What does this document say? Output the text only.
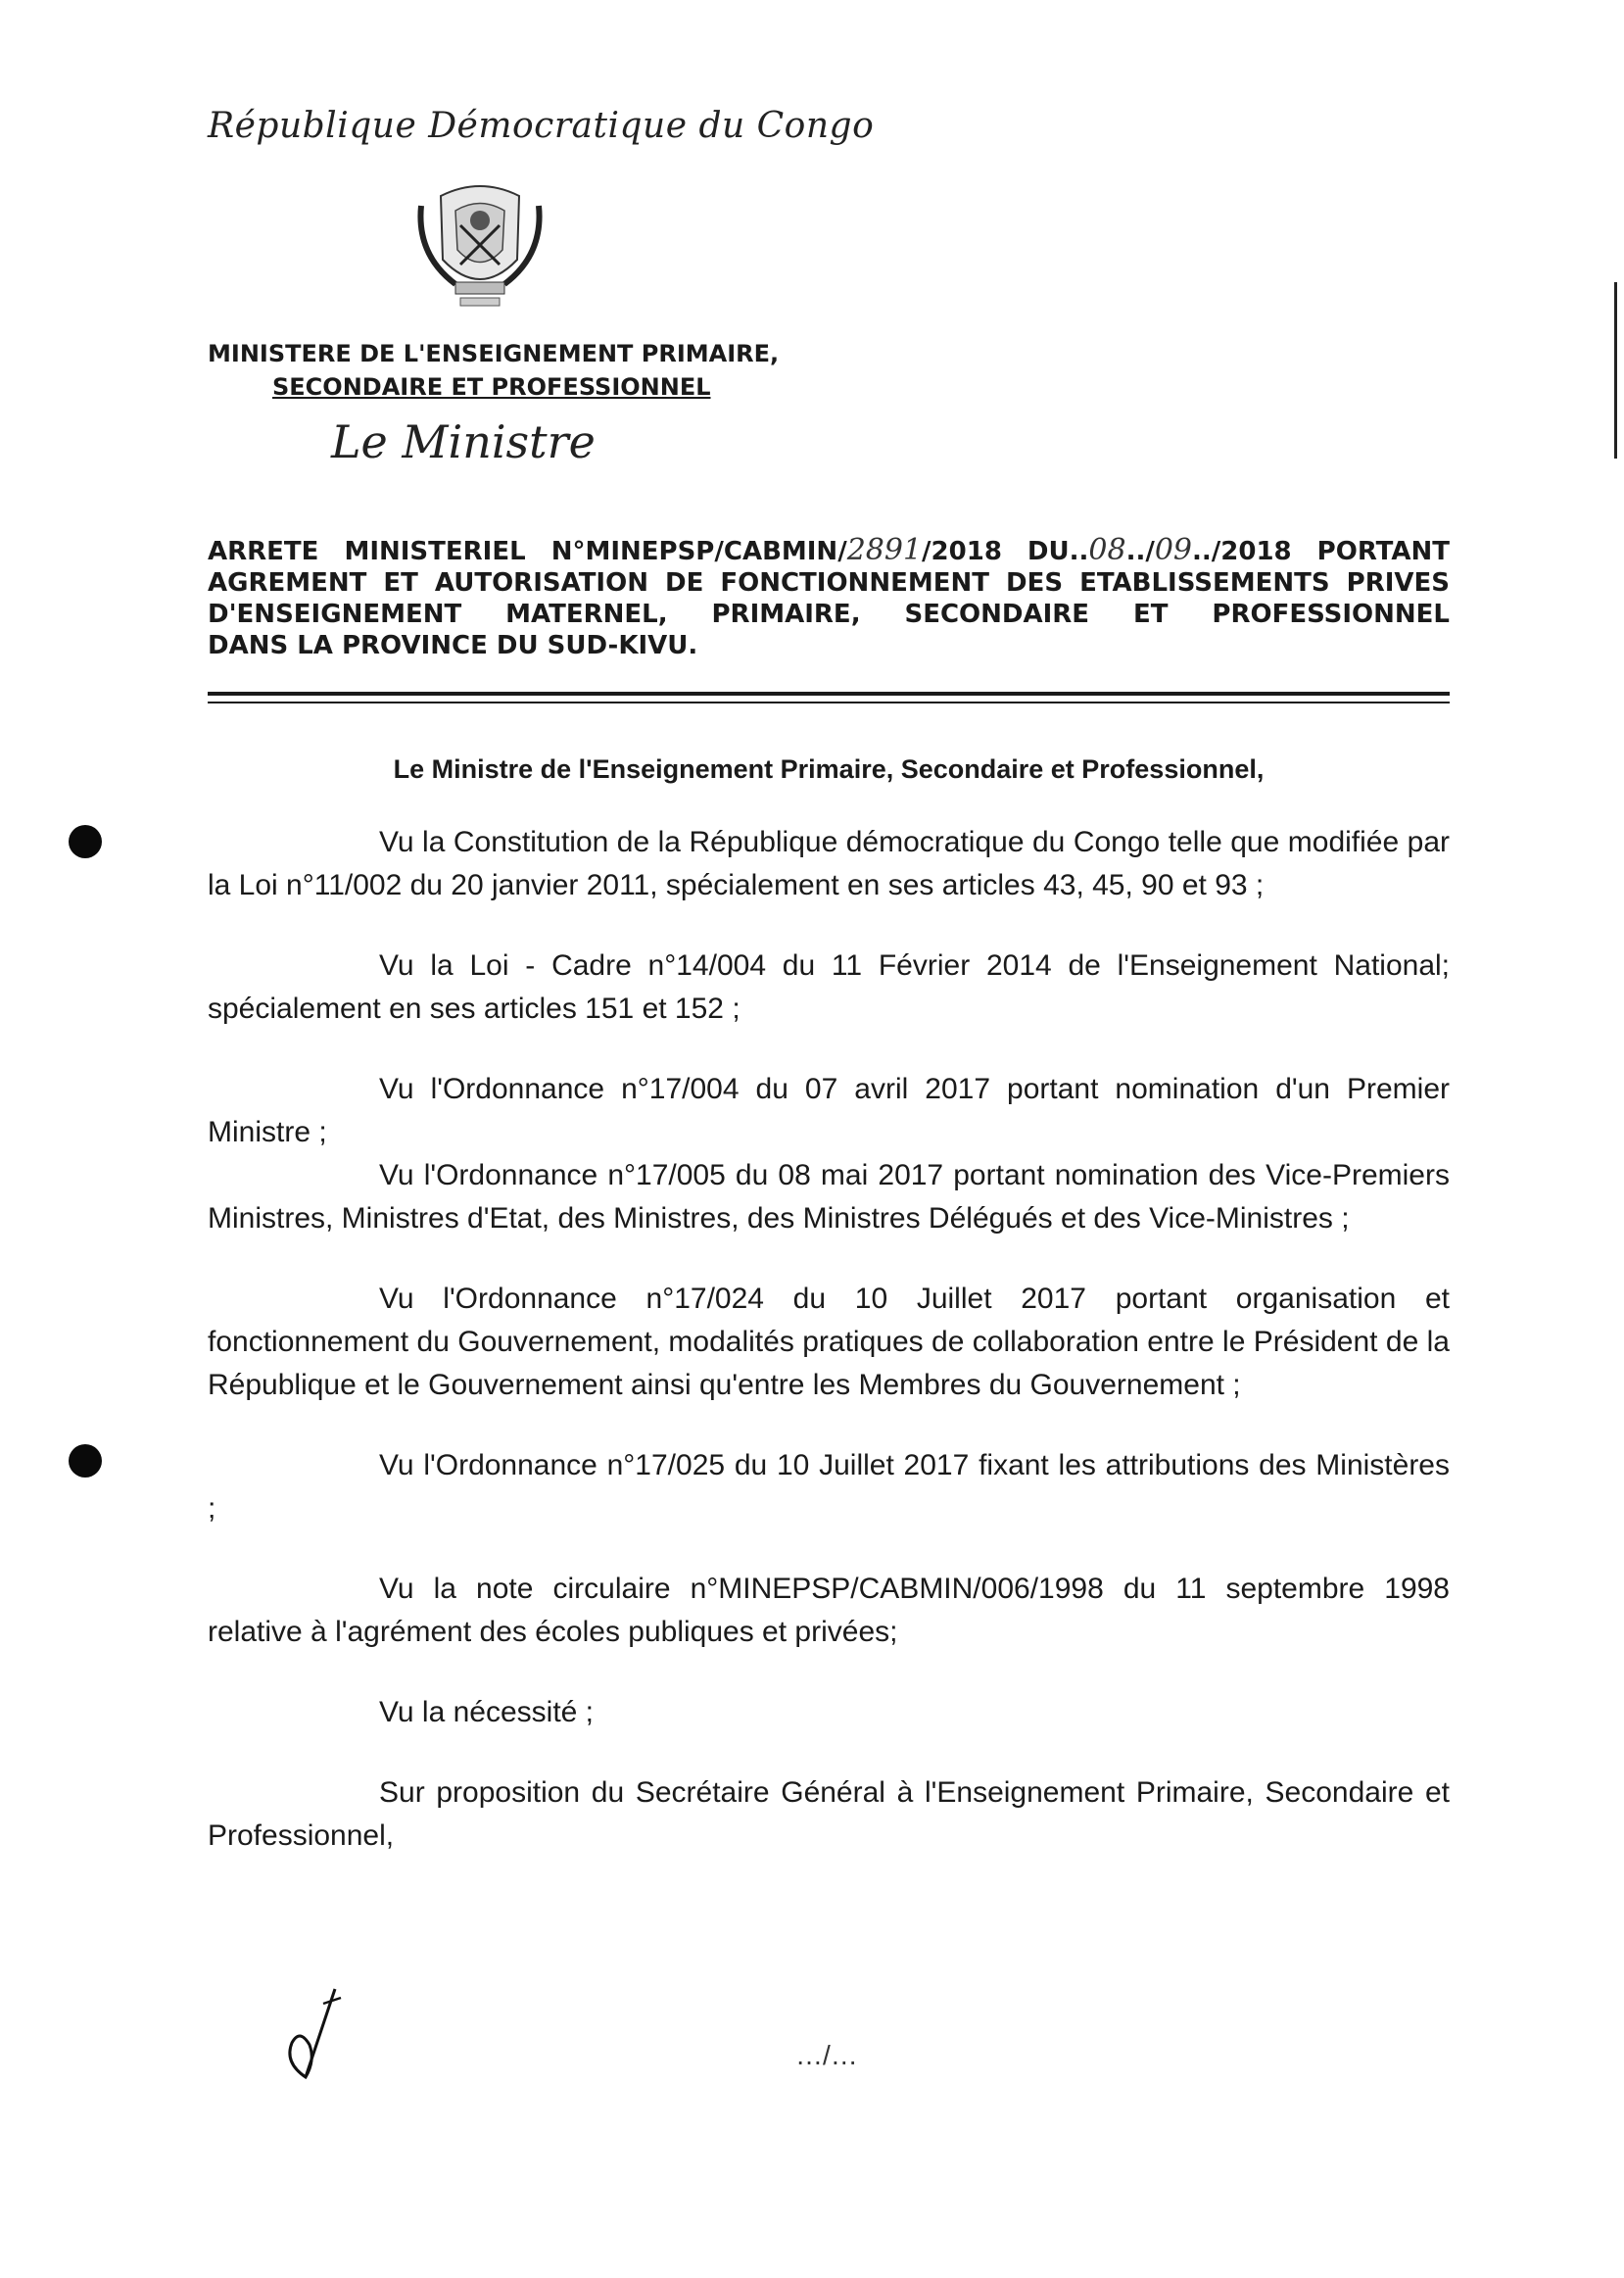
République Démocratique du Congo
MINISTERE DE L'ENSEIGNEMENT PRIMAIRE,
SECONDAIRE ET PROFESSIONNEL
Le Ministre
ARRETE MINISTERIEL N°MINEPSP/CABMIN/2891/2018 DU..08../09../2018 PORTANT
AGREMENT ET AUTORISATION DE FONCTIONNEMENT DES ETABLISSEMENTS PRIVES
D'ENSEIGNEMENT MATERNEL, PRIMAIRE, SECONDAIRE ET PROFESSIONNEL
DANS LA PROVINCE DU SUD-KIVU.
Le Ministre de l'Enseignement Primaire, Secondaire et Professionnel,

Vu la Constitution de la République démocratique du Congo telle que modifiée par la Loi n°11/002 du 20 janvier 2011, spécialement en ses articles 43, 45, 90 et 93 ;

Vu la Loi - Cadre n°14/004 du 11 Février 2014 de l'Enseignement National; spécialement en ses articles 151 et 152 ;

Vu l'Ordonnance n°17/004 du 07 avril 2017 portant nomination d'un Premier Ministre ;

Vu l'Ordonnance n°17/005 du 08 mai 2017 portant nomination des Vice-Premiers Ministres, Ministres d'Etat, des Ministres, des Ministres Délégués et des Vice-Ministres ;

Vu l'Ordonnance n°17/024 du 10 Juillet 2017 portant organisation et fonctionnement du Gouvernement, modalités pratiques de collaboration entre le Président de la République et le Gouvernement ainsi qu'entre les Membres du Gouvernement ;

Vu l'Ordonnance n°17/025 du 10 Juillet 2017 fixant les attributions des Ministères ;

Vu la note circulaire n°MINEPSP/CABMIN/006/1998 du 11 septembre 1998 relative à l'agrément des écoles publiques et privées;

Vu la nécessité ;

Sur proposition du Secrétaire Général à l'Enseignement Primaire, Secondaire et Professionnel,

…/…
